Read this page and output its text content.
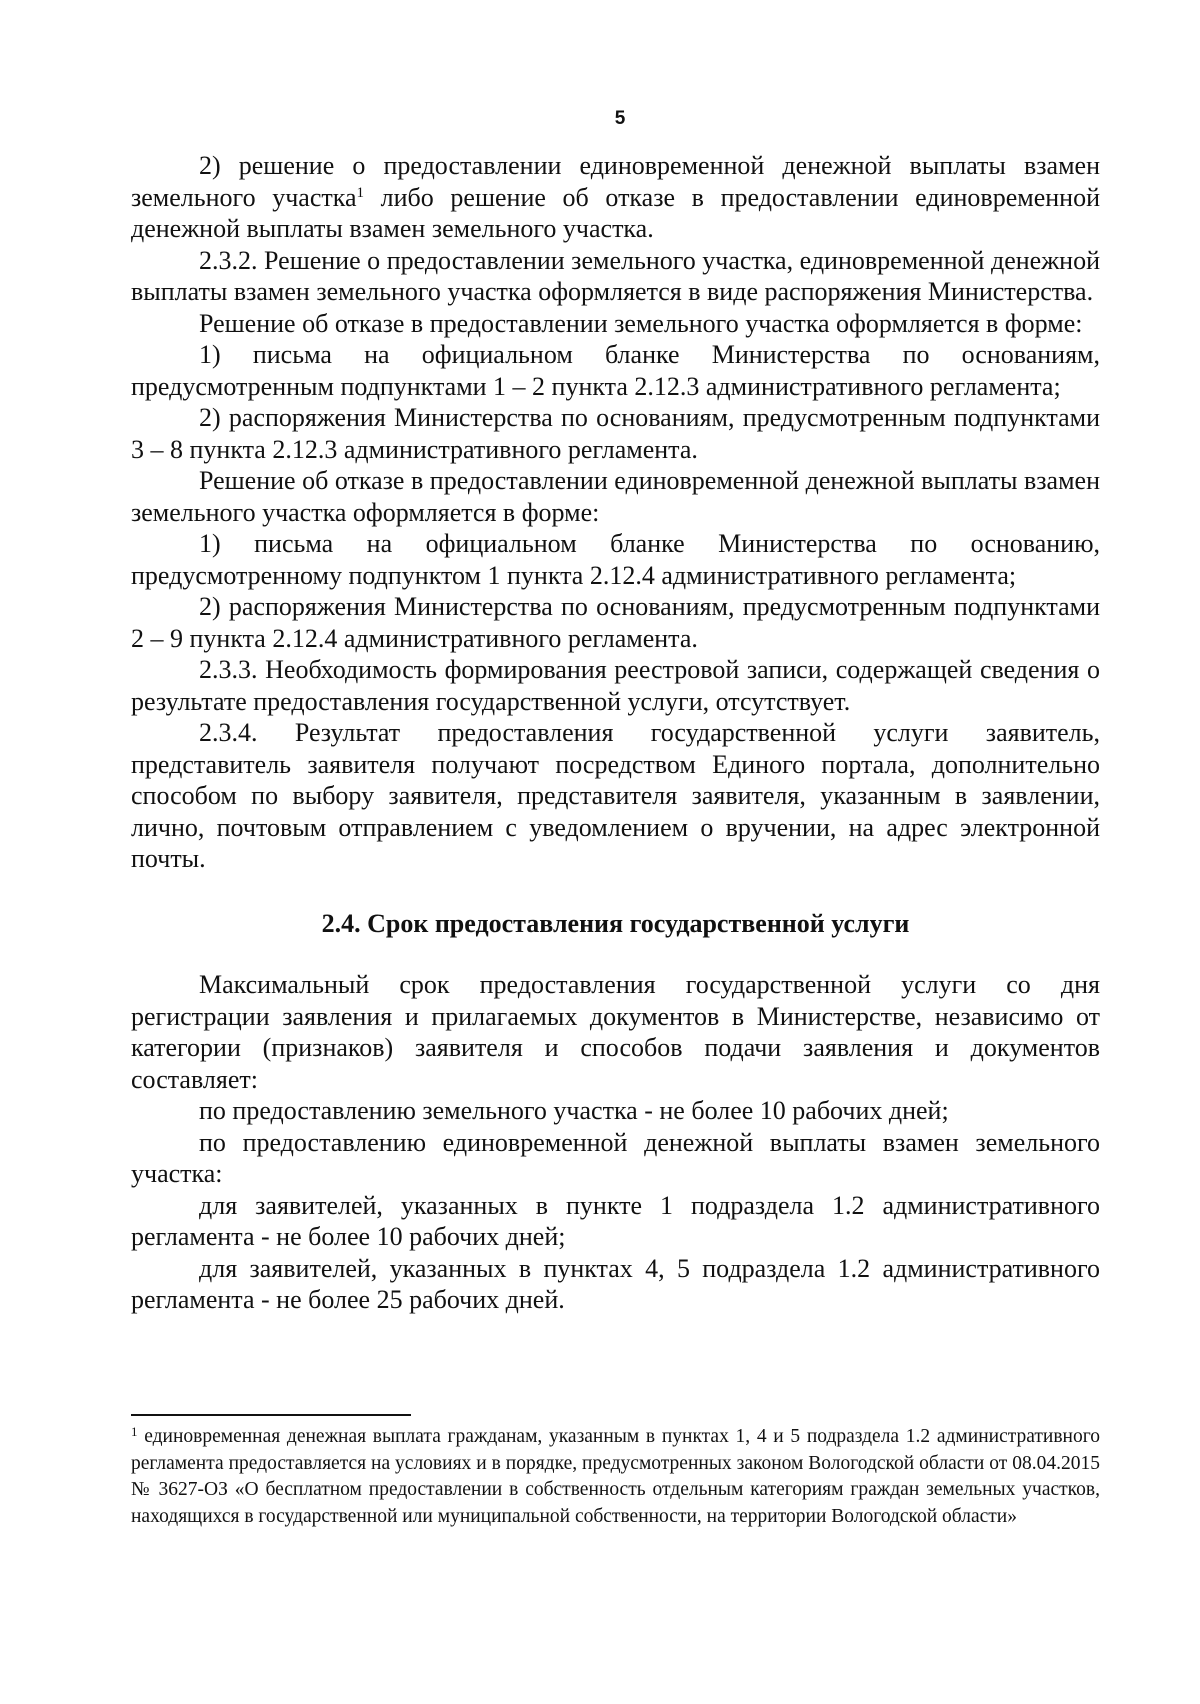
5

2) решение о предоставлении единовременной денежной выплаты взамен земельного участка$^1$ либо решение об отказе в предоставлении единовременной денежной выплаты взамен земельного участка.

2.3.2. Решение о предоставлении земельного участка, единовременной денежной выплаты взамен земельного участка оформляется в виде распоряжения Министерства.

Решение об отказе в предоставлении земельного участка оформляется в форме:

1) письма на официальном бланке Министерства по основаниям, предусмотренным подпунктами 1 – 2 пункта 2.12.3 административного регламента;

2) распоряжения Министерства по основаниям, предусмотренным подпунктами 3 – 8 пункта 2.12.3 административного регламента.

Решение об отказе в предоставлении единовременной денежной выплаты взамен земельного участка оформляется в форме:

1) письма на официальном бланке Министерства по основанию, предусмотренному подпунктом 1 пункта 2.12.4 административного регламента;

2) распоряжения Министерства по основаниям, предусмотренным подпунктами 2 – 9 пункта 2.12.4 административного регламента.

2.3.3. Необходимость формирования реестровой записи, содержащей сведения о результате предоставления государственной услуги, отсутствует.

2.3.4. Результат предоставления государственной услуги заявитель, представитель заявителя получают посредством Единого портала, дополнительно способом по выбору заявителя, представителя заявителя, указанным в заявлении, лично, почтовым отправлением с уведомлением о вручении, на адрес электронной почты.

2.4. Срок предоставления государственной услуги

Максимальный срок предоставления государственной услуги со дня регистрации заявления и прилагаемых документов в Министерстве, независимо от категории (признаков) заявителя и способов подачи заявления и документов составляет:

по предоставлению земельного участка - не более 10 рабочих дней;

по предоставлению единовременной денежной выплаты взамен земельного участка:

для заявителей, указанных в пункте 1 подраздела 1.2 административного регламента - не более 10 рабочих дней;

для заявителей, указанных в пунктах 4, 5 подраздела 1.2 административного регламента - не более 25 рабочих дней.

$^1$ единовременная денежная выплата гражданам, указанным в пунктах 1, 4 и 5 подраздела 1.2 административного регламента предоставляется на условиях и в порядке, предусмотренных законом Вологодской области от 08.04.2015 № 3627-ОЗ «О бесплатном предоставлении в собственность отдельным категориям граждан земельных участков, находящихся в государственной или муниципальной собственности, на территории Вологодской области»
